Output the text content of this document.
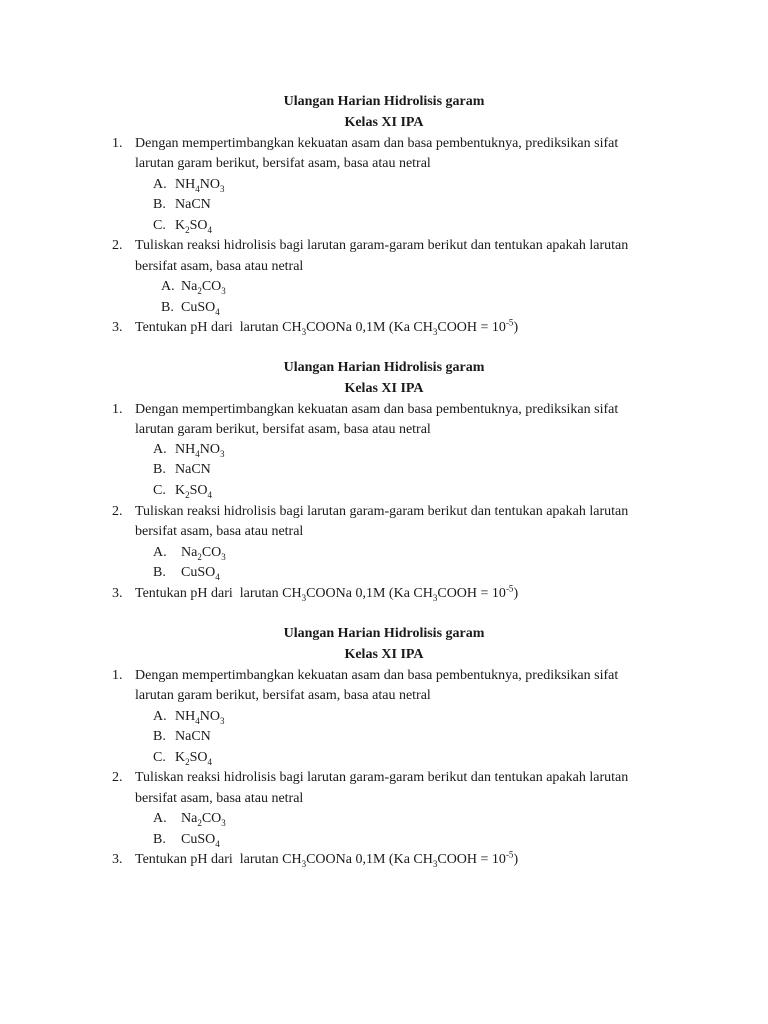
Ulangan Harian Hidrolisis garam
Kelas XI IPA
1. Dengan mempertimbangkan kekuatan asam dan basa pembentuknya, prediksikan sifat
larutan garam berikut, bersifat asam, basa atau netral
A. $NH_4NO_3$
B. NaCN
C. $K_2SO_4$
2. Tuliskan reaksi hidrolisis bagi larutan garam-garam berikut dan tentukan apakah larutan
bersifat asam, basa atau netral
A. $Na_2CO_3$
B. CuSO$_4$
3. Tentukan pH dari  larutan $CH_3COONa$ 0,1M (Ka $CH_3COOH = 10^{-5}$)
Ulangan Harian Hidrolisis garam
Kelas XI IPA
1. Dengan mempertimbangkan kekuatan asam dan basa pembentuknya, prediksikan sifat
larutan garam berikut, bersifat asam, basa atau netral
A. $NH_4NO_3$
B. NaCN
C. $K_2SO_4$
2. Tuliskan reaksi hidrolisis bagi larutan garam-garam berikut dan tentukan apakah larutan
bersifat asam, basa atau netral
A.	$Na_2CO_3$
B.	CuSO$_4$
3. Tentukan pH dari  larutan $CH_3COONa$ 0,1M (Ka $CH_3COOH = 10^{-5}$)
Ulangan Harian Hidrolisis garam
Kelas XI IPA
1. Dengan mempertimbangkan kekuatan asam dan basa pembentuknya, prediksikan sifat
larutan garam berikut, bersifat asam, basa atau netral
A. $NH_4NO_3$
B. NaCN
C. $K_2SO_4$
2. Tuliskan reaksi hidrolisis bagi larutan garam-garam berikut dan tentukan apakah larutan
bersifat asam, basa atau netral
A.	$Na_2CO_3$
B.	CuSO$_4$
3. Tentukan pH dari  larutan $CH_3COONa$ 0,1M (Ka $CH_3COOH = 10^{-5}$)
